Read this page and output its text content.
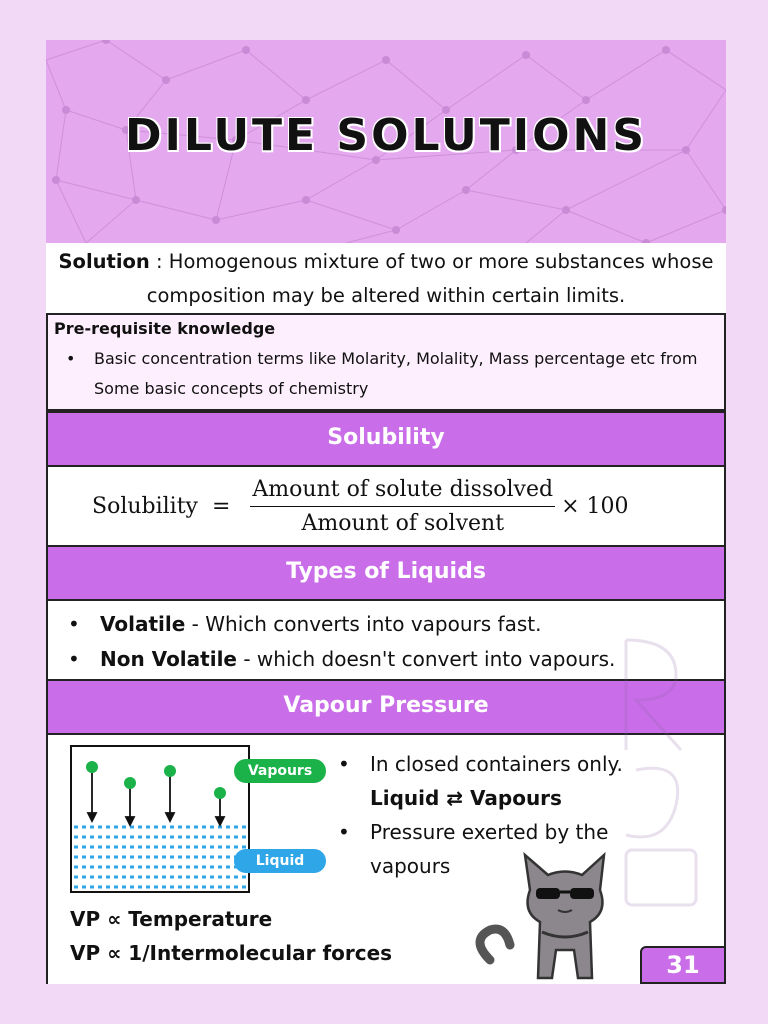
DILUTE SOLUTIONS
Solution : Homogenous mixture of two or more substances whose composition may be altered within certain limits.
Pre-requisite knowledge
• Basic concentration terms like Molarity, Molality, Mass percentage etc from Some basic concepts of chemistry
Solubility
Solubility = $\frac{\text{Amount of solute dissolved}}{\text{Amount of solvent}} \times 100$
Types of Liquids
• Volatile - Which converts into vapours fast.
• Non Volatile - which doesn't convert into vapours.
Vapour Pressure
Vapours
Liquid
• In closed containers only.
Liquid ⇄ Vapours
• Pressure exerted by the vapours
VP ∝ Temperature
VP ∝ 1/Intermolecular forces	31
